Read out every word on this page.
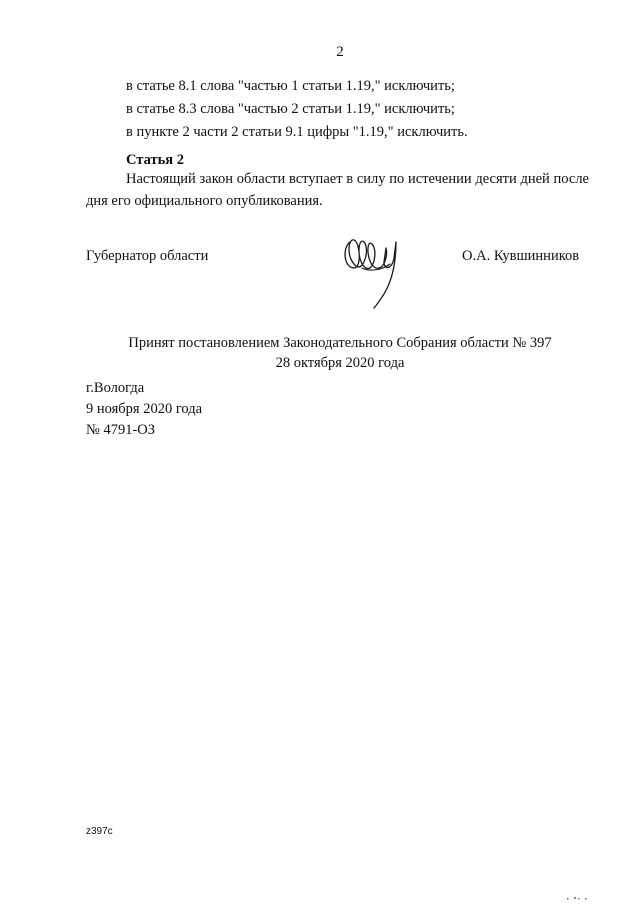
2
в статье 8.1 слова "частью 1 статьи 1.19," исключить;
в статье 8.3 слова "частью 2 статьи 1.19," исключить;
в пункте 2 части 2 статьи 9.1 цифры "1.19," исключить.
Статья 2
Настоящий закон области вступает в силу по истечении десяти дней после дня его официального опубликования.
Губернатор области	О.А. Кувшинников
Принят постановлением Законодательного Собрания области № 397
28 октября 2020 года
г.Вологда
9 ноября 2020 года
№ 4791-ОЗ
z397c
